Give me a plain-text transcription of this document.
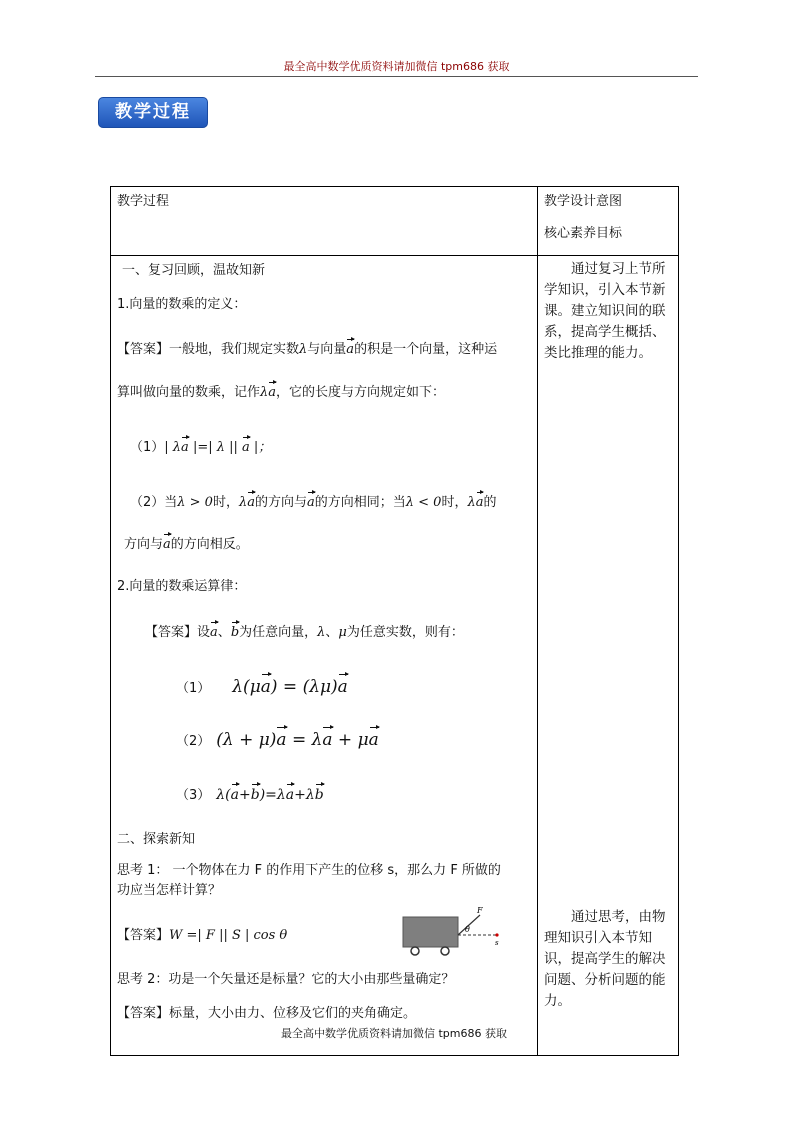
最全高中数学优质资料请加微信 tpm686 获取
教学过程
教学过程	教学设计意图
核心素养目标
一、复习回顾，温故知新
1.向量的数乘的定义：
【答案】一般地，我们规定实数λ与向量a的积是一个向量，这种运
算叫做向量的数乘，记作λa，它的长度与方向规定如下：
（1）| λa |=| λ || a |；
（2）当λ > 0时，λa的方向与a的方向相同；当λ < 0时，λa的
方向与a的方向相反。
2.向量的数乘运算律：
【答案】设a、b为任意向量，λ、μ为任意实数，则有：
（1） λ(μa) = (λμ)a
（2） (λ + μ)a = λa + μa
（3） λ(a+b)=λa+λb
二、探索新知
思考 1： 一个物体在力 F 的作用下产生的位移 s，那么力 F 所做的
功应当怎样计算？
【答案】W =| F || S | cos θ
F
θ
s
思考 2：功是一个矢量还是标量？它的大小由那些量确定？
【答案】标量，大小由力、位移及它们的夹角确定。
最全高中数学优质资料请加微信 tpm686 获取
通过复习上节所学知识，引入本节新课。建立知识间的联系，提高学生概括、类比推理的能力。
通过思考，由物理知识引入本节知识，提高学生的解决问题、分析问题的能力。
